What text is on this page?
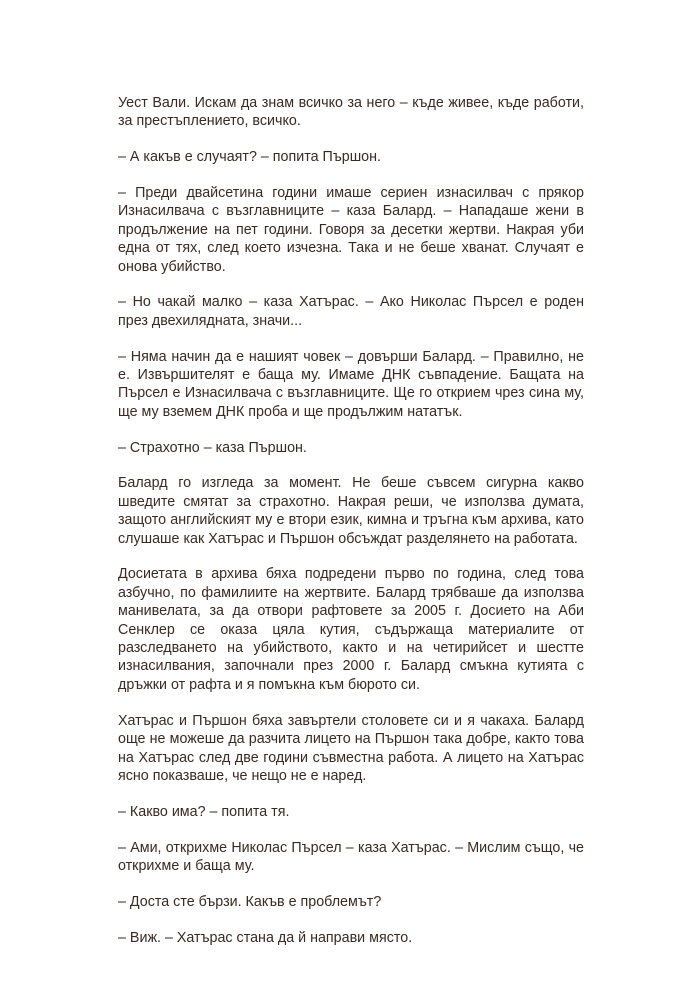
Уест Вали. Искам да знам всичко за него – къде живее, къде работи, за престъплението, всичко.

– А какъв е случаят? – попита Пършон.

– Преди двайсетина години имаше сериен изнасилвач с прякор Изнасилвача с възглавниците – каза Балард. – Нападаше жени в продължение на пет години. Говоря за десетки жертви. Накрая уби една от тях, след което изчезна. Така и не беше хванат. Случаят е онова убийство.

– Но чакай малко – каза Хатърас. – Ако Николас Пърсел е роден през двехилядната, значи...

– Няма начин да е нашият човек – довърши Балард. – Правилно, не е. Извършителят е баща му. Имаме ДНК съвпадение. Бащата на Пърсел е Изнасилвача с възглавниците. Ще го открием чрез сина му, ще му вземем ДНК проба и ще продължим нататък.

– Страхотно – каза Пършон.

Балард го изгледа за момент. Не беше съвсем сигурна какво шведите смятат за страхотно. Накрая реши, че използва думата, защото английският му е втори език, кимна и тръгна към архива, като слушаше как Хатърас и Пършон обсъждат разделянето на работата.

Досиетата в архива бяха подредени първо по година, след това азбучно, по фамилиите на жертвите. Балард трябваше да използва манивелата, за да отвори рафтовете за 2005 г. Досието на Аби Сенклер се оказа цяла кутия, съдържаща материалите от разследването на убийството, както и на четирийсет и шестте изнасилвания, започнали през 2000 г. Балард смъкна кутията с дръжки от рафта и я помъкна към бюрото си.

Хатърас и Пършон бяха завъртели столовете си и я чакаха. Балард още не можеше да разчита лицето на Пършон така добре, както това на Хатърас след две години съвместна работа. А лицето на Хатърас ясно показваше, че нещо не е наред.

– Какво има? – попита тя.

– Ами, открихме Николас Пърсел – каза Хатърас. – Мислим също, че открихме и баща му.

– Доста сте бързи. Какъв е проблемът?

– Виж. – Хатърас стана да й направи място.
